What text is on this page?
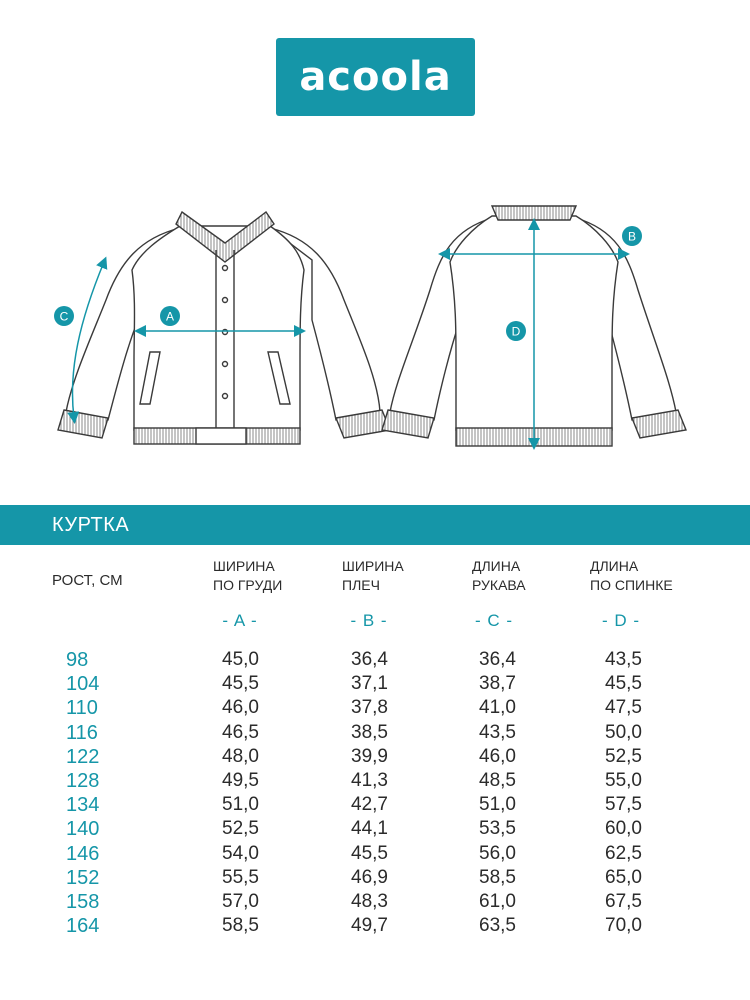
acoola
A
B
C
D
КУРТКА
РОСТ, СМ
ШИРИНА
ПО ГРУДИ
ШИРИНА
ПЛЕЧ
ДЛИНА
РУКАВА
ДЛИНА
ПО СПИНКЕ
- A -	- B -	- C -	- D -
98	45,0	36,4	36,4	43,5
104	45,5	37,1	38,7	45,5
110	46,0	37,8	41,0	47,5
116	46,5	38,5	43,5	50,0
122	48,0	39,9	46,0	52,5
128	49,5	41,3	48,5	55,0
134	51,0	42,7	51,0	57,5
140	52,5	44,1	53,5	60,0
146	54,0	45,5	56,0	62,5
152	55,5	46,9	58,5	65,0
158	57,0	48,3	61,0	67,5
164	58,5	49,7	63,5	70,0
